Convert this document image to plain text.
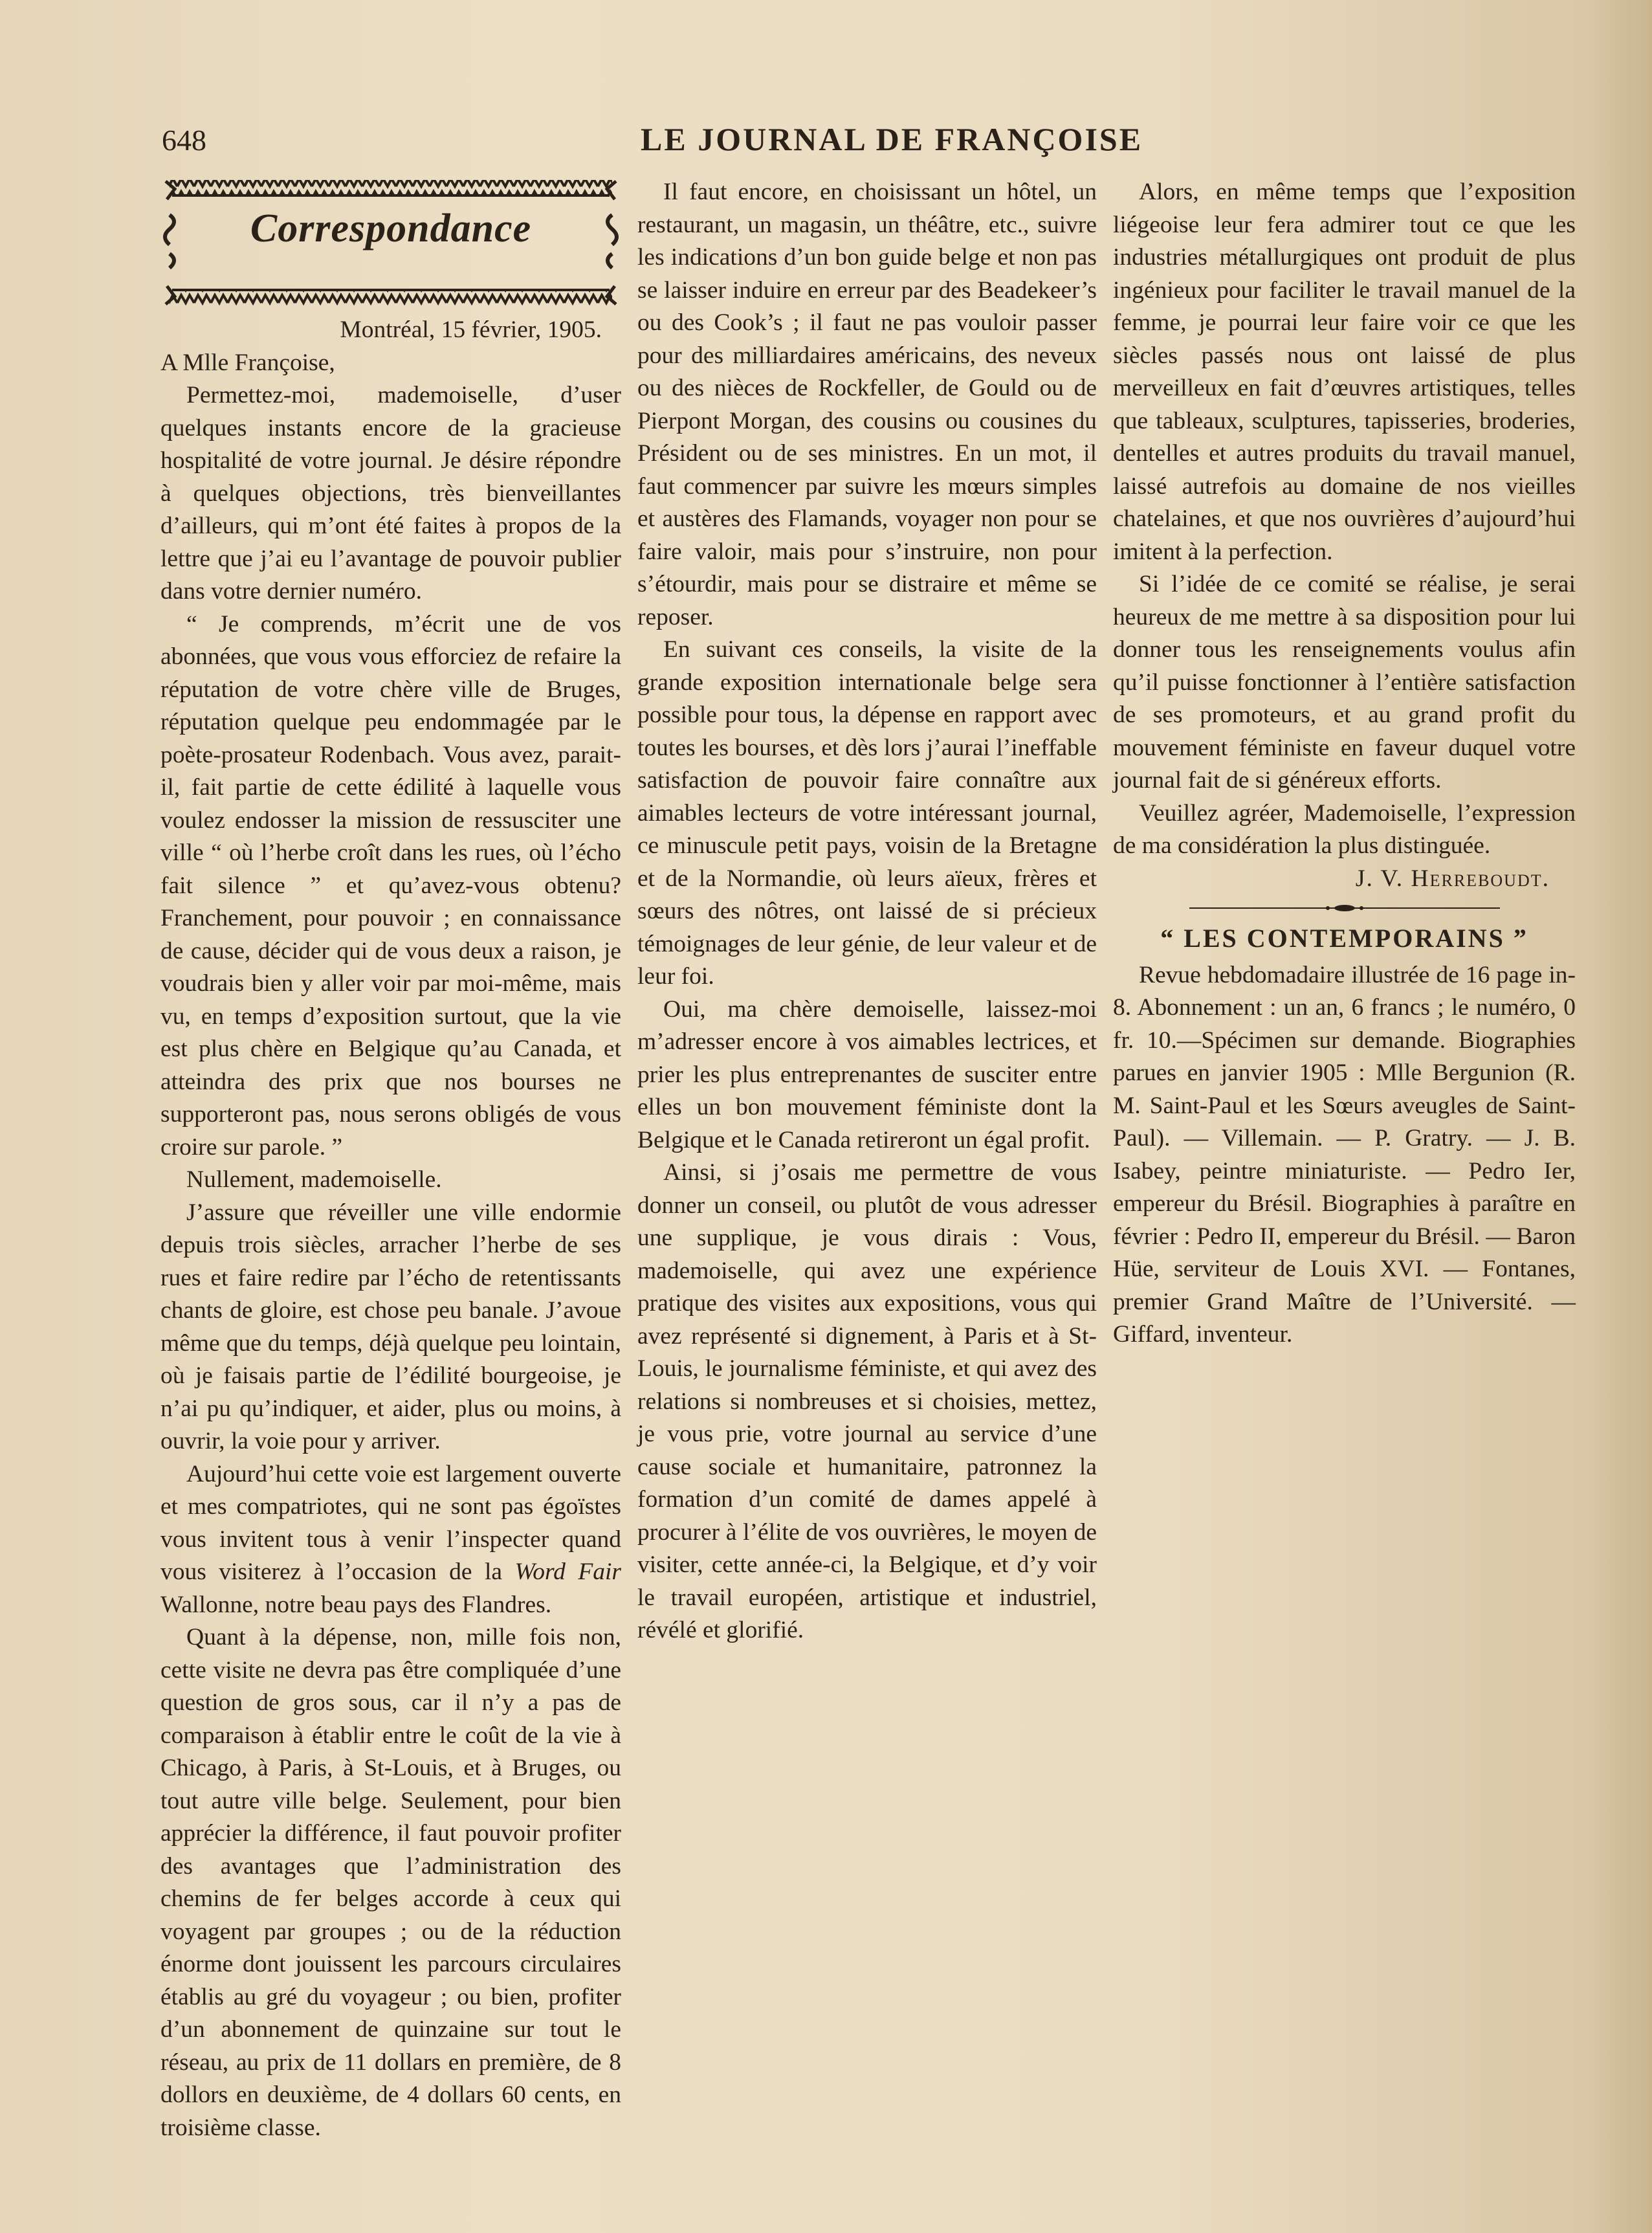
648	LE JOURNAL DE FRANÇOISE
Correspondance

Montréal, 15 février, 1905.

A Mlle Françoise,

Permettez-moi, mademoiselle, d’user quelques instants encore de la gracieuse hospitalité de votre journal. Je désire répondre à quelques objections, très bienveillantes d’ailleurs, qui m’ont été faites à propos de la lettre que j’ai eu l’avantage de pouvoir publier dans votre dernier numéro.

“ Je comprends, m’écrit une de vos abonnées, que vous vous efforciez de refaire la réputation de votre chère ville de Bruges, réputation quelque peu endommagée par le poète-prosateur Rodenbach. Vous avez, parait-il, fait partie de cette édilité à laquelle vous voulez endosser la mission de ressusciter une ville “ où l’herbe croît dans les rues, où l’écho fait silence ” et qu’avez-vous obtenu? Franchement, pour pouvoir ; en connaissance de cause, décider qui de vous deux a raison, je voudrais bien y aller voir par moi-même, mais vu, en temps d’exposition surtout, que la vie est plus chère en Belgique qu’au Canada, et atteindra des prix que nos bourses ne supporteront pas, nous serons obligés de vous croire sur parole. ”

Nullement, mademoiselle.

J’assure que réveiller une ville endormie depuis trois siècles, arracher l’herbe de ses rues et faire redire par l’écho de retentissants chants de gloire, est chose peu banale. J’avoue même que du temps, déjà quelque peu lointain, où je faisais partie de l’édilité bourgeoise, je n’ai pu qu’indiquer, et aider, plus ou moins, à ouvrir, la voie pour y arriver.

Aujourd’hui cette voie est largement ouverte et mes compatriotes, qui ne sont pas égoïstes vous invitent tous à venir l’inspecter quand vous visiterez à l’occasion de la Word Fair Wallonne, notre beau pays des Flandres.

Quant à la dépense, non, mille fois non, cette visite ne devra pas être compliquée d’une question de gros sous, car il n’y a pas de comparaison à établir entre le coût de la vie à Chicago, à Paris, à St-Louis, et à Bruges, ou tout autre ville belge. Seulement, pour bien apprécier la différence, il faut pouvoir profiter des avantages que l’administration des chemins de fer belges accorde à ceux qui voyagent par groupes ; ou de la réduction énorme dont jouissent les parcours circulaires établis au gré du voyageur ; ou bien, profiter d’un abonnement de quinzaine sur tout le réseau, au prix de 11 dollars en première, de 8 dollors en deuxième, de 4 dollars 60 cents, en troisième classe.

Il faut encore, en choisissant un hôtel, un restaurant, un magasin, un théâtre, etc., suivre les indications d’un bon guide belge et non pas se laisser induire en erreur par des Beadekeer’s ou des Cook’s ; il faut ne pas vouloir passer pour des milliardaires américains, des neveux ou des nièces de Rockfeller, de Gould ou de Pierpont Morgan, des cousins ou cousines du Président ou de ses ministres. En un mot, il faut commencer par suivre les mœurs simples et austères des Flamands, voyager non pour se faire valoir, mais pour s’instruire, non pour s’étourdir, mais pour se distraire et même se reposer.

En suivant ces conseils, la visite de la grande exposition internationale belge sera possible pour tous, la dépense en rapport avec toutes les bourses, et dès lors j’aurai l’ineffable satisfaction de pouvoir faire connaître aux aimables lecteurs de votre intéressant journal, ce minuscule petit pays, voisin de la Bretagne et de la Normandie, où leurs aïeux, frères et sœurs des nôtres, ont laissé de si précieux témoignages de leur génie, de leur valeur et de leur foi.

Oui, ma chère demoiselle, laissez-moi m’adresser encore à vos aimables lectrices, et prier les plus entreprenantes de susciter entre elles un bon mouvement féministe dont la Belgique et le Canada retireront un égal profit.

Ainsi, si j’osais me permettre de vous donner un conseil, ou plutôt de vous adresser une supplique, je vous dirais : Vous, mademoiselle, qui avez une expérience pratique des visites aux expositions, vous qui avez représenté si dignement, à Paris et à St-Louis, le journalisme féministe, et qui avez des relations si nombreuses et si choisies, mettez, je vous prie, votre journal au service d’une cause sociale et humanitaire, patronnez la formation d’un comité de dames appelé à procurer à l’élite de vos ouvrières, le moyen de visiter, cette année-ci, la Belgique, et d’y voir le travail européen, artistique et industriel, révélé et glorifié.

Alors, en même temps que l’exposition liégeoise leur fera admirer tout ce que les industries métallurgiques ont produit de plus ingénieux pour faciliter le travail manuel de la femme, je pourrai leur faire voir ce que les siècles passés nous ont laissé de plus merveilleux en fait d’œuvres artistiques, telles que tableaux, sculptures, tapisseries, broderies, dentelles et autres produits du travail manuel, laissé autrefois au domaine de nos vieilles chatelaines, et que nos ouvrières d’aujourd’hui imitent à la perfection.

Si l’idée de ce comité se réalise, je serai heureux de me mettre à sa disposition pour lui donner tous les renseignements voulus afin qu’il puisse fonctionner à l’entière satisfaction de ses promoteurs, et au grand profit du mouvement féministe en faveur duquel votre journal fait de si généreux efforts.

Veuillez agréer, Mademoiselle, l’expression de ma considération la plus distinguée.

J. V. Herreboudt.

“ LES CONTEMPORAINS ”

Revue hebdomadaire illustrée de 16 page in-8. Abonnement : un an, 6 francs ; le numéro, 0 fr. 10.—Spécimen sur demande. Biographies parues en janvier 1905 : Mlle Bergunion (R. M. Saint-Paul et les Sœurs aveugles de Saint-Paul). — Villemain. — P. Gratry. — J. B. Isabey, peintre miniaturiste. — Pedro Ier, empereur du Brésil. Biographies à paraître en février : Pedro II, empereur du Brésil. — Baron Hüe, serviteur de Louis XVI. — Fontanes, premier Grand Maître de l’Université. — Giffard, inventeur.
